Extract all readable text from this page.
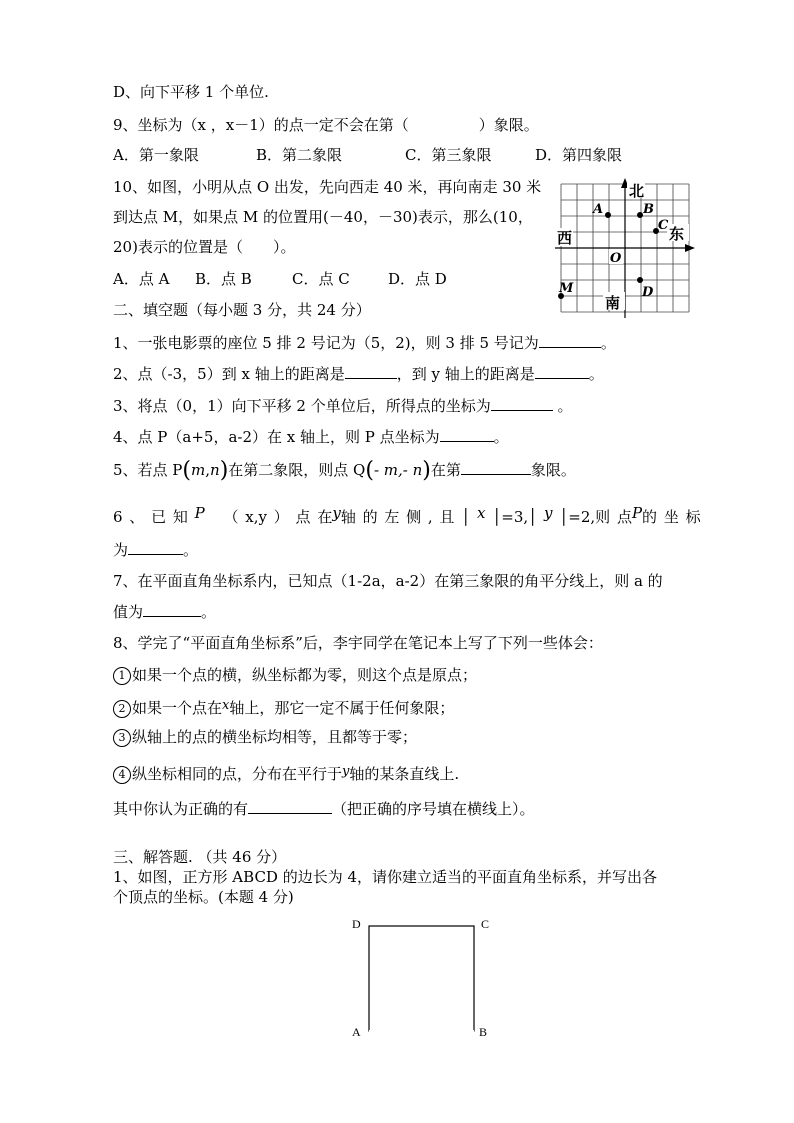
D、向下平移 1 个单位.
9、坐标为（x ，x－1）的点一定不会在第（	）象限。
A．第一象限	B．第二象限	C．第三象限	D．第四象限
10、如图，小明从点 O 出发，先向西走 40 米，再向南走 30 米
到达点 M，如果点 M 的位置用(－40，－30)表示，那么(10，
20)表示的位置是（　　）。
A．点 A B．点 B	C．点 C	D．点 D
北
东
西
南
A	B
C
D
M
O
二、填空题（每小题 3 分，共 24 分）
1、一张电影票的座位 5 排 2 号记为（5，2)，则 3 排 5 号记为	。
2、点（-3，5）到 x 轴上的距离是	，到 y 轴上的距离是	。
3、将点（0，1）向下平移 2 个单位后，所得点的坐标为	。
4、点 P（a+5，a-2）在 x 轴上，则 P 点坐标为	。
5、若点 P(m,n)在第二象限，则点 Q(- m,- n)在第	象限。
6 、 已 知 P （ x,y ） 点 在y轴 的 左 侧 , 且 │ x │=3,│ y │=2,则 点P的 坐 标
为	。
7、在平面直角坐标系内，已知点（1-2a，a-2）在第三象限的角平分线上，则 a 的
值为	。
8、学完了“平面直角坐标系”后，李宇同学在笔记本上写了下列一些体会：
1 如果一个点的横，纵坐标都为零，则这个点是原点；
2 如果一个点在x轴上，那它一定不属于任何象限；
3 纵轴上的点的横坐标均相等，且都等于零；
4 纵坐标相同的点，分布在平行于y轴的某条直线上.
其中你认为正确的有	（把正确的序号填在横线上）。
三、解答题. （共 46 分）
1、如图，正方形 ABCD 的边长为 4，请你建立适当的平面直角坐标系，并写出各
个顶点的坐标。(本题 4 分)
D	C
A	B
